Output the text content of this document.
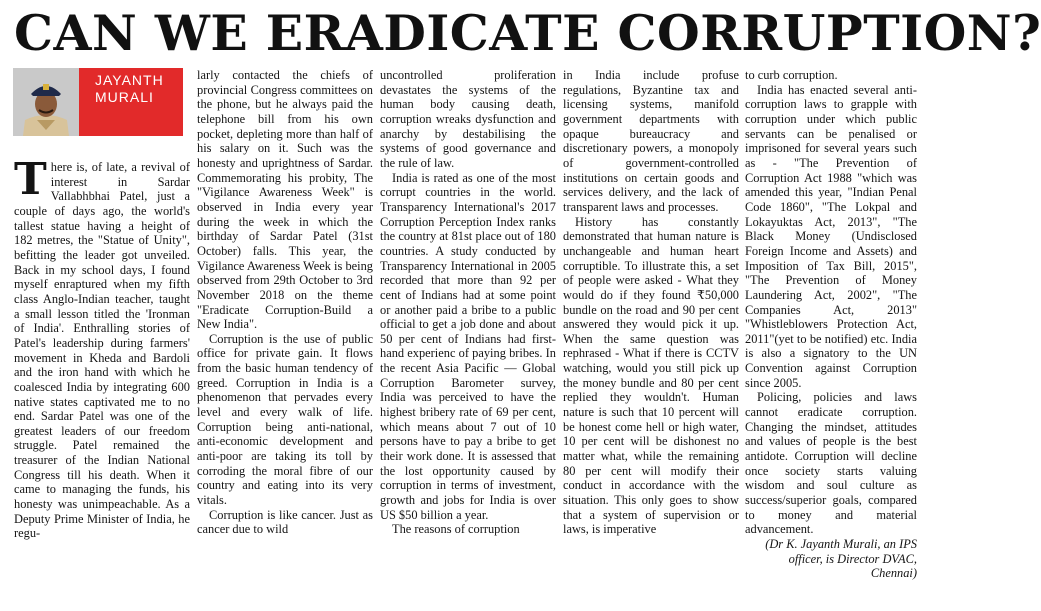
CAN WE ERADICATE CORRUPTION?
JAYANTH
MURALI

There is, of late, a revival of interest in Sardar Vallabhbhai Patel, just a couple of days ago, the world's tallest statue having a height of 182 metres, the "Statue of Unity", befitting the leader got unveiled. Back in my school days, I found myself enraptured when my fifth class Anglo-Indian teacher, taught a small lesson titled the 'Ironman of India'. Enthralling stories of Patel's leadership during farmers' movement in Kheda and Bardoli and the iron hand with which he coalesced India by integrating 600 native states captivated me to no end. Sardar Patel was one of the greatest leaders of our freedom struggle. Patel remained the treasurer of the Indian National Congress till his death. When it came to managing the funds, his honesty was unimpeachable. As a Deputy Prime Minister of India, he regu-

larly contacted the chiefs of provincial Congress committees on the phone, but he always paid the telephone bill from his own pocket, depleting more than half of his salary on it. Such was the honesty and uprightness of Sardar. Commemorating his probity, The "Vigilance Awareness Week" is observed in India every year during the week in which the birthday of Sardar Patel (31st October) falls. This year, the Vigilance Awareness Week is being observed from 29th October to 3rd November 2018 on the theme "Eradicate Corruption-Build a New India".

Corruption is the use of public office for private gain. It flows from the basic human tendency of greed. Corruption in India is a phenomenon that pervades every level and every walk of life. Corruption being anti-national, anti-economic development and anti-poor are taking its toll by corroding the moral fibre of our country and eating into its very vitals.

Corruption is like cancer. Just as cancer due to wild

uncontrolled proliferation devastates the systems of the human body causing death, corruption wreaks dysfunction and anarchy by destabilising the systems of good governance and the rule of law.

India is rated as one of the most corrupt countries in the world. Transparency International's 2017 Corruption Perception Index ranks the country at 81st place out of 180 countries. A study conducted by Transparency International in 2005 recorded that more than 92 per cent of Indians had at some point or another paid a bribe to a public official to get a job done and about 50 per cent of Indians had first-hand experienc of paying bribes. In the recent Asia Pacific — Global Corruption Barometer survey, India was perceived to have the highest bribery rate of 69 per cent, which means about 7 out of 10 persons have to pay a bribe to get their work done. It is assessed that the lost opportunity caused by corruption in terms of investment, growth and jobs for India is over US $50 billion a year.

The reasons of corruption

in India include profuse regulations, Byzantine tax and licensing systems, manifold government departments with opaque bureaucracy and discretionary powers, a monopoly of government-controlled institutions on certain goods and services delivery, and the lack of transparent laws and processes.

History has constantly demonstrated that human nature is unchangeable and human heart corruptible. To illustrate this, a set of people were asked - What they would do if they found ₹50,000 bundle on the road and 90 per cent answered they would pick it up. When the same question was rephrased - What if there is CCTV watching, would you still pick up the money bundle and 80 per cent replied they wouldn't. Human nature is such that 10 percent will be honest come hell or high water, 10 per cent will be dishonest no matter what, while the remaining 80 per cent will modify their conduct in accordance with the situation. This only goes to show that a system of supervision or laws, is imperative

to curb corruption.

India has enacted several anti-corruption laws to grapple with corruption under which public servants can be penalised or imprisoned for several years such as - "The Prevention of Corruption Act 1988 "which was amended this year, "Indian Penal Code 1860", "The Lokpal and Lokayuktas Act, 2013", "The Black Money (Undisclosed Foreign Income and Assets) and Imposition of Tax Bill, 2015", "The Prevention of Money Laundering Act, 2002", "The Companies Act, 2013" "Whistleblowers Protection Act, 2011"(yet to be notified) etc. India is also a signatory to the UN Convention against Corruption since 2005.

Policing, policies and laws cannot eradicate corruption. Changing the mindset, attitudes and values of people is the best antidote. Corruption will decline once society starts valuing wisdom and soul culture as success/superior goals, compared to money and material advancement.

(Dr K. Jayanth Murali, an IPS officer, is Director DVAC, Chennai)
